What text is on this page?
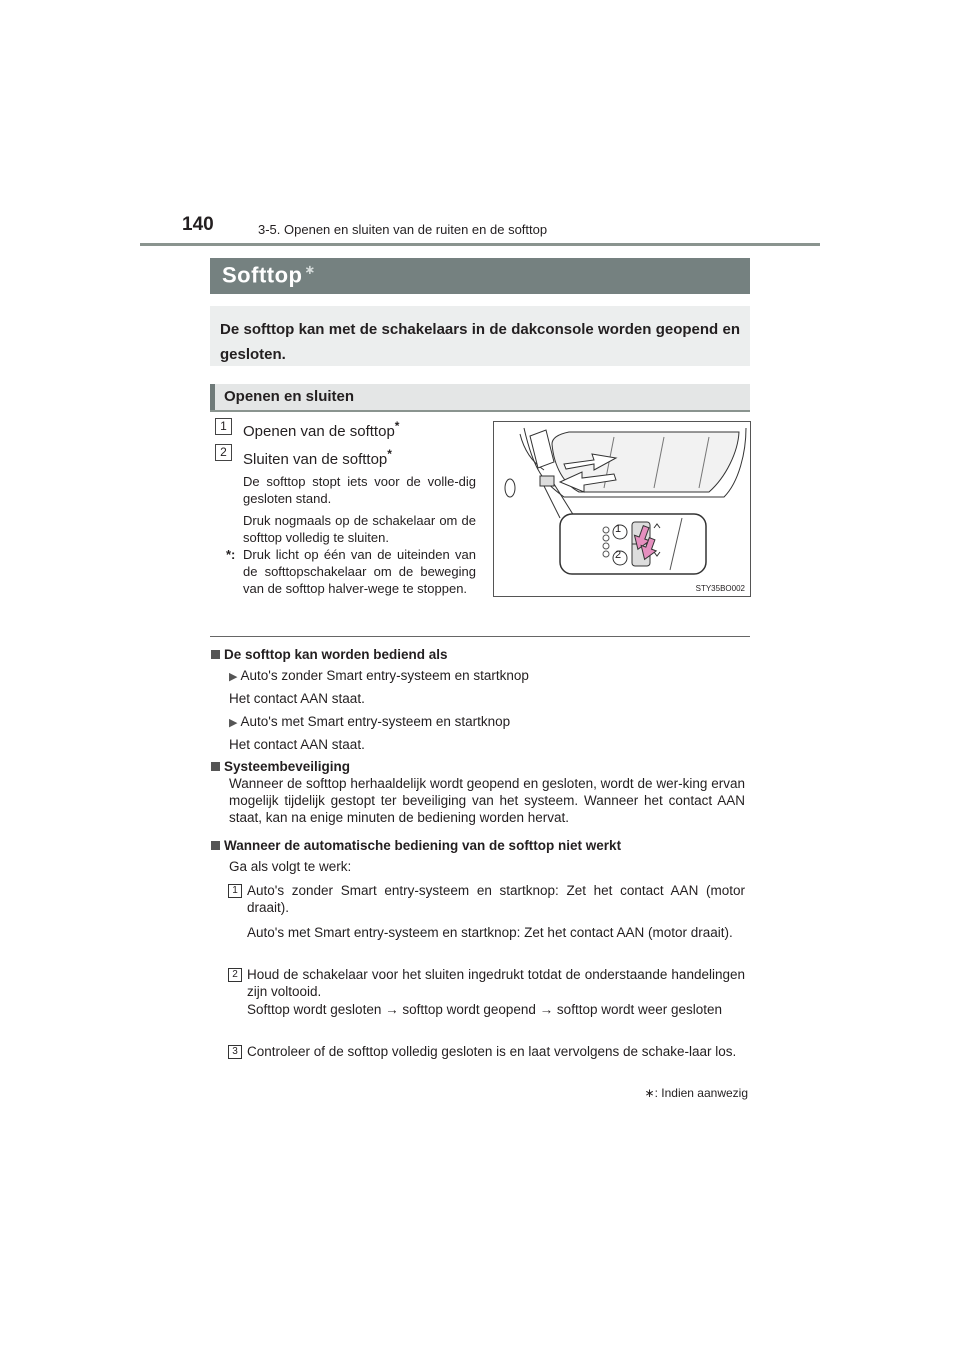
140	3-5. Openen en sluiten van de ruiten en de softtop
Softtop ∗
De softtop kan met de schakelaars in de dakconsole worden geopend en gesloten.
Openen en sluiten
1	Openen van de softtop*
2	Sluiten van de softtop*
De softtop stopt iets voor de volle-dig gesloten stand.
Druk nogmaals op de schakelaar om de softtop volledig te sluiten.
*: Druk licht op één van de uiteinden van de softtopschakelaar om de beweging van de softtop halver-wege te stoppen.
1
2
STY35BO002
De softtop kan worden bediend als
▶ Auto's zonder Smart entry-systeem en startknop
Het contact AAN staat.
▶ Auto's met Smart entry-systeem en startknop
Het contact AAN staat.
Systeembeveiliging
Wanneer de softtop herhaaldelijk wordt geopend en gesloten, wordt de wer-king ervan mogelijk tijdelijk gestopt ter beveiliging van het systeem. Wanneer het contact AAN staat, kan na enige minuten de bediening worden hervat.
Wanneer de automatische bediening van de softtop niet werkt
Ga als volgt te werk:
1 Auto's zonder Smart entry-systeem en startknop: Zet het contact AAN (motor draait).
Auto's met Smart entry-systeem en startknop: Zet het contact AAN (motor draait).
2 Houd de schakelaar voor het sluiten ingedrukt totdat de onderstaande handelingen zijn voltooid.
Softtop wordt gesloten → softtop wordt geopend → softtop wordt weer gesloten
3 Controleer of de softtop volledig gesloten is en laat vervolgens de schake-laar los.
∗: Indien aanwezig
